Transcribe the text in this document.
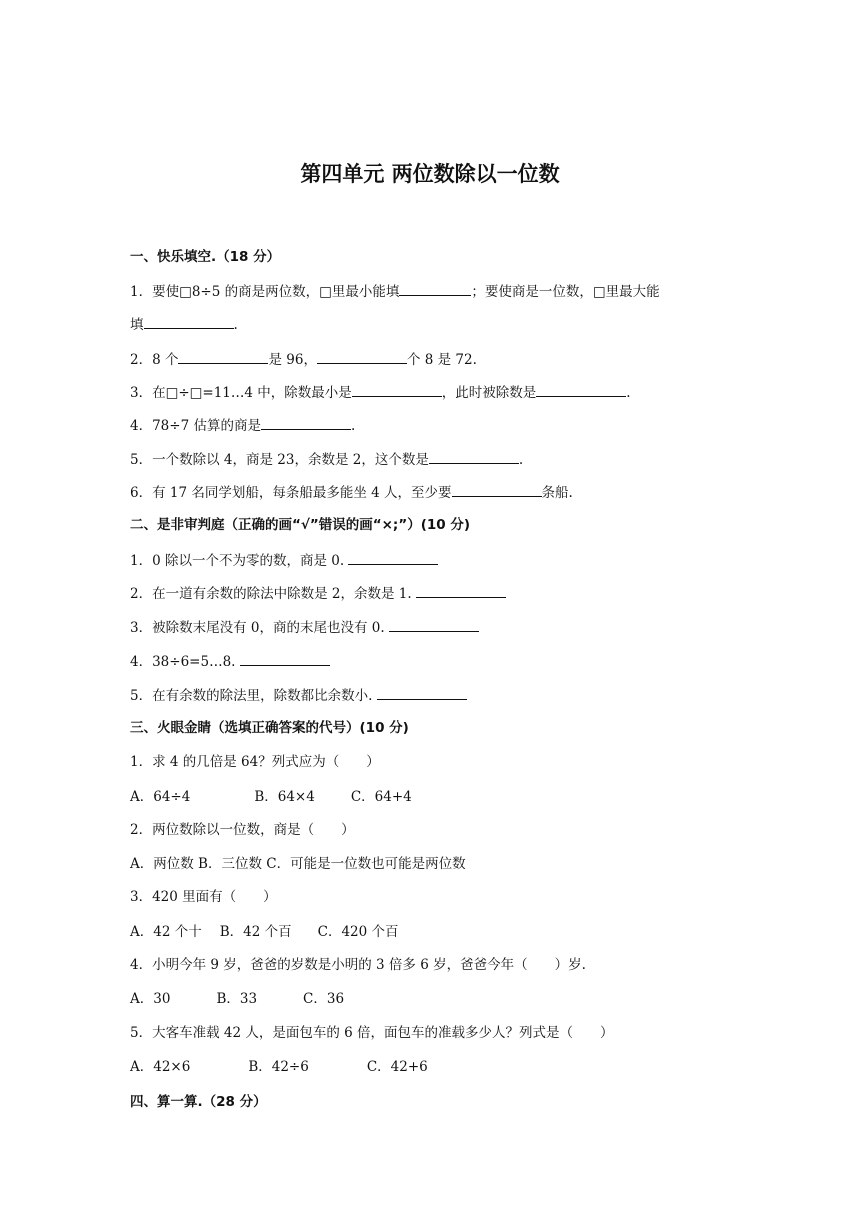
第四单元 两位数除以一位数
一、快乐填空.（18 分）
1．要使□8÷5 的商是两位数，□里最小能填	；要使商是一位数，□里最大能
填	.
2．8 个	是 96，	个 8 是 72.
3．在□÷□=11…4 中，除数最小是	，此时被除数是	.
4．78÷7 估算的商是	.
5．一个数除以 4，商是 23，余数是 2，这个数是	.
6．有 17 名同学划船，每条船最多能坐 4 人，至少要	条船.
二、是非审判庭（正确的画“√”错误的画“×;”）(10 分)
1．0 除以一个不为零的数，商是 0.
2．在一道有余数的除法中除数是 2，余数是 1.
3．被除数末尾没有 0，商的末尾也没有 0.
4．38÷6=5…8.
5．在有余数的除法里，除数都比余数小.
三、火眼金睛（选填正确答案的代号）(10 分)
1．求 4 的几倍是 64？列式应为（　　）
A．64÷4	B．64×4	C．64+4
2．两位数除以一位数，商是（　　）
A．两位数 B．三位数 C．可能是一位数也可能是两位数
3．420 里面有（　　）
A．42 个十 B．42 个百 C．420 个百
4．小明今年 9 岁，爸爸的岁数是小明的 3 倍多 6 岁，爸爸今年（　　）岁.
A．30	B．33	C．36
5．大客车准载 42 人，是面包车的 6 倍，面包车的准载多少人？列式是（　　）
A．42×6	B．42÷6	C．42+6
四、算一算.（28 分）
